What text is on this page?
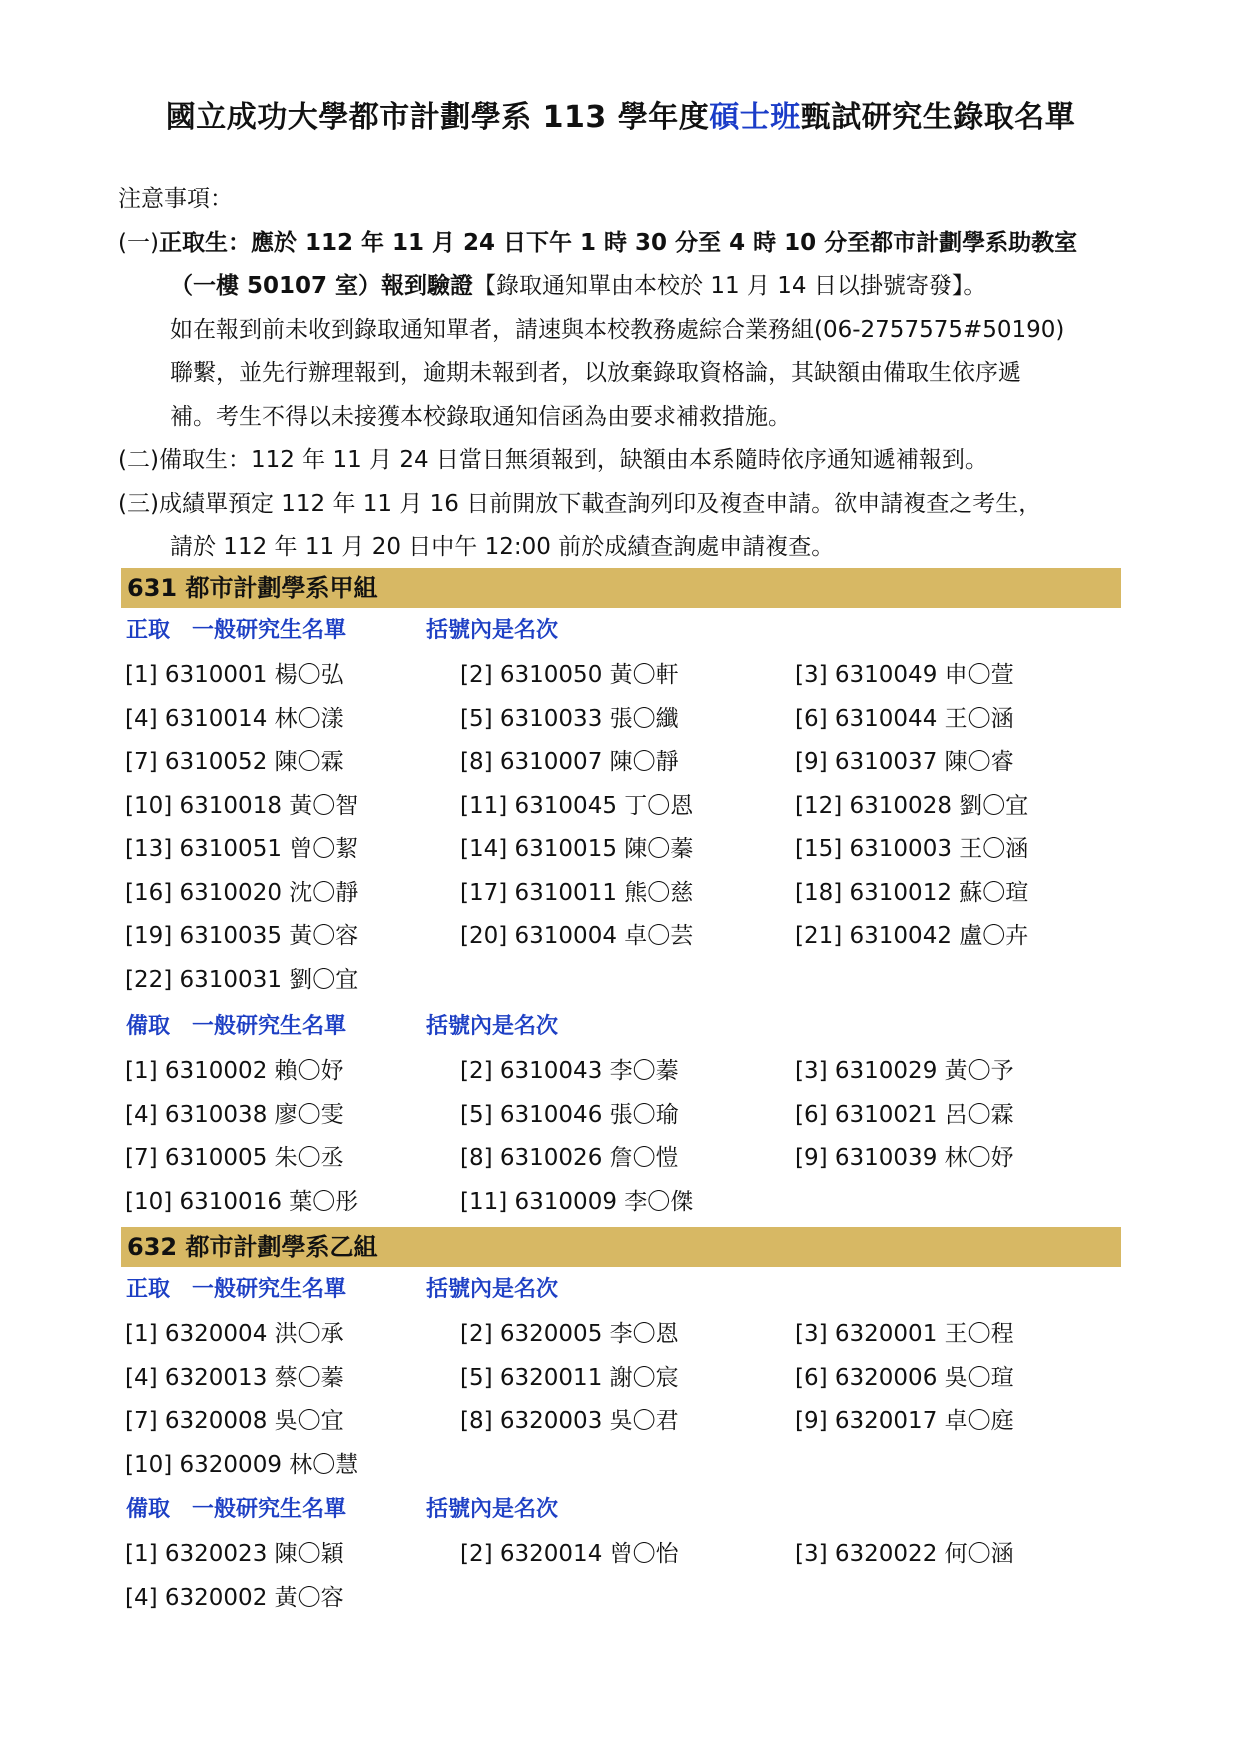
國立成功大學都市計劃學系 113 學年度碩士班甄試研究生錄取名單
注意事項：
(一)正取生：應於 112 年 11 月 24 日下午 1 時 30 分至 4 時 10 分至都市計劃學系助教室
（一樓 50107 室）報到驗證【錄取通知單由本校於 11 月 14 日以掛號寄發】。
如在報到前未收到錄取通知單者，請速與本校教務處綜合業務組(06-2757575#50190)
聯繫，並先行辦理報到，逾期未報到者，以放棄錄取資格論，其缺額由備取生依序遞
補。考生不得以未接獲本校錄取通知信函為由要求補救措施。
(二)備取生：112 年 11 月 24 日當日無須報到，缺額由本系隨時依序通知遞補報到。
(三)成績單預定 112 年 11 月 16 日前開放下載查詢列印及複查申請。欲申請複查之考生，
請於 112 年 11 月 20 日中午 12:00 前於成績查詢處申請複查。
631 都市計劃學系甲組
正取　一般研究生名單	括號內是名次
[1] 6310001 楊〇弘	[2] 6310050 黃〇軒	[3] 6310049 申〇萱
[4] 6310014 林〇漾	[5] 6310033 張〇纖	[6] 6310044 王〇涵
[7] 6310052 陳〇霖	[8] 6310007 陳〇靜	[9] 6310037 陳〇睿
[10] 6310018 黃〇智	[11] 6310045 丁〇恩	[12] 6310028 劉〇宜
[13] 6310051 曾〇絜	[14] 6310015 陳〇蓁	[15] 6310003 王〇涵
[16] 6310020 沈〇靜	[17] 6310011 熊〇慈	[18] 6310012 蘇〇瑄
[19] 6310035 黃〇容	[20] 6310004 卓〇芸	[21] 6310042 盧〇卉
[22] 6310031 劉〇宜
備取　一般研究生名單	括號內是名次
[1] 6310002 賴〇妤	[2] 6310043 李〇蓁	[3] 6310029 黃〇予
[4] 6310038 廖〇雯	[5] 6310046 張〇瑜	[6] 6310021 呂〇霖
[7] 6310005 朱〇丞	[8] 6310026 詹〇愷	[9] 6310039 林〇妤
[10] 6310016 葉〇彤	[11] 6310009 李〇傑
632 都市計劃學系乙組
正取　一般研究生名單	括號內是名次
[1] 6320004 洪〇承	[2] 6320005 李〇恩	[3] 6320001 王〇程
[4] 6320013 蔡〇蓁	[5] 6320011 謝〇宸	[6] 6320006 吳〇瑄
[7] 6320008 吳〇宜	[8] 6320003 吳〇君	[9] 6320017 卓〇庭
[10] 6320009 林〇慧
備取　一般研究生名單	括號內是名次
[1] 6320023 陳〇穎	[2] 6320014 曾〇怡	[3] 6320022 何〇涵
[4] 6320002 黃〇容
